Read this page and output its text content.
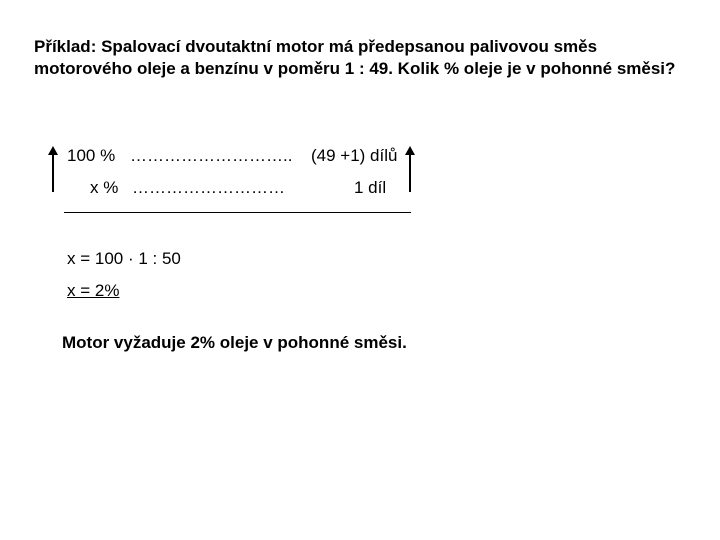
Příklad: Spalovací dvoutaktní motor má předepsanou palivovou směs motorového oleje a benzínu v poměru 1 : 49. Kolik % oleje je v pohonné směsi?
100 % ……………………….. (49 +1) dílů
x % ………………………	1 díl
x = 100 · 1 : 50
x = 2%
Motor vyžaduje 2% oleje v pohonné směsi.
